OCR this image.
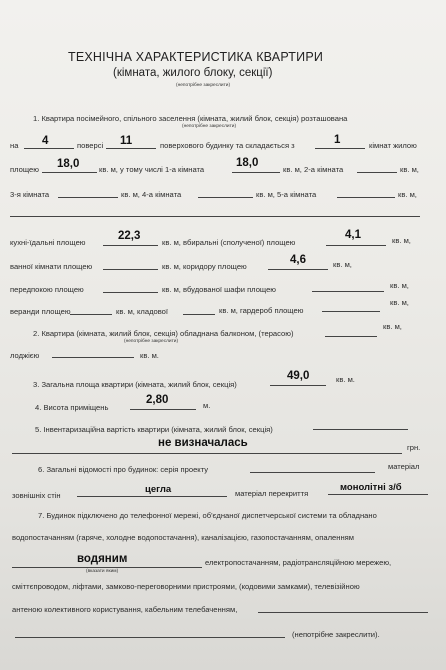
ТЕХНІЧНА ХАРАКТЕРИСТИКА КВАРТИРИ
(кімната, жилого блоку, секції)
(непотрібне закреслити)
1. Квартира посімейного, спільного заселення (кімната, жилий блок, секція) розташована
(непотрібне закреслити)
на 4	поверсі 11	поверхового будинку та складається з	1	кімнат жилою
площею 18,0	кв. м, у тому числі 1-а кімната
18,0
кв. м, 2-а кімната	кв. м,
3-я кімната	кв. м, 4-а кімната	кв. м, 5-а кімната	кв. м,
кухні-їдальні площею
22,3
кв. м, вбиральні (сполученої) площею
4,1	кв. м,
ванної кімнати площею	кв. м, коридору площею
4,6	кв. м,
передпокою площею	кв. м, вбудованої шафи площею	кв. м,
веранди площею	кв. м, кладової	кв. м, гардероб площею
кв. м,
2. Квартира (кімната, жилий блок, секція) обладнана балконом, (терасою)
кв. м,
(непотрібне закреслити)
лоджією	кв. м.
3. Загальна площа квартири (кімната, жилий блок, секція)
49,0	кв. м.
4. Висота приміщень
2,80	м.
5. Інвентаризаційна вартість квартири (кімната, жилий блок, секція)
не визначалась	грн.
6. Загальні відомості про будинок: серія проекту	матеріал
зовнішніх стін
цегла	матеріал перекриття
монолітні з/б
7. Будинок підключено до телефонної мережі, об'єднаної диспетчерської системи та обладнано
водопостачанням (гаряче, холодне водопостачання), каналізацією, газопостачанням, опаленням
водяним
(вказати яким)
електропостачанням, радіотрансляційною мережею,
сміттєпроводом, ліфтами, замково-переговорними пристроями, (кодовими замками), телевізійною
антеною колективного користування, кабельним телебаченням,
(непотрібне закреслити).
